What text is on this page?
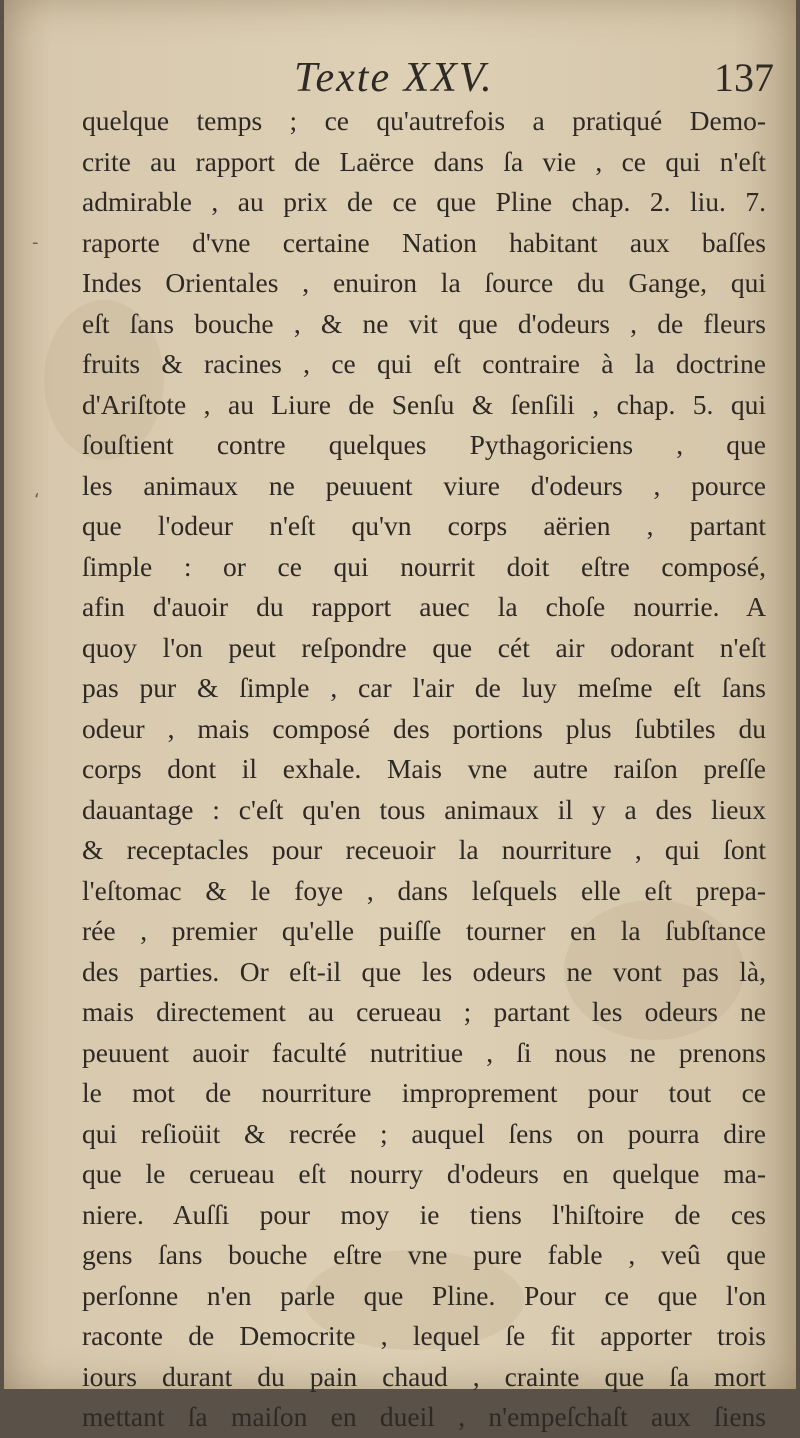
Texte XXV.	137
-
‘
quelque temps ; ce qu'autrefois a pratiqué Demo-
crite au rapport de Laërce dans ſa vie , ce qui n'eſt
admirable , au prix de ce que Pline chap. 2. liu. 7.
raporte d'vne certaine Nation habitant aux baſſes
Indes Orientales , enuiron la ſource du Gange, qui
eſt ſans bouche , & ne vit que d'odeurs , de fleurs
fruits & racines , ce qui eſt contraire à la doctrine
d'Ariſtote , au Liure de Senſu & ſenſili , chap. 5. qui
ſouſtient contre quelques Pythagoriciens , que
les animaux ne peuuent viure d'odeurs , pource
que l'odeur n'eſt qu'vn corps aërien , partant
ſimple : or ce qui nourrit doit eſtre composé,
afin d'auoir du rapport auec la choſe nourrie. A
quoy l'on peut reſpondre que cét air odorant n'eſt
pas pur & ſimple , car l'air de luy meſme eſt ſans
odeur , mais composé des portions plus ſubtiles du
corps dont il exhale. Mais vne autre raiſon preſſe
dauantage : c'eſt qu'en tous animaux il y a des lieux
& receptacles pour receuoir la nourriture , qui ſont
l'eſtomac & le foye , dans leſquels elle eſt prepa-
rée , premier qu'elle puiſſe tourner en la ſubſtance
des parties. Or eſt-il que les odeurs ne vont pas là,
mais directement au cerueau ; partant les odeurs ne
peuuent auoir faculté nutritiue , ſi nous ne prenons
le mot de nourriture improprement pour tout ce
qui reſioüit & recrée ; auquel ſens on pourra dire
que le cerueau eſt nourry d'odeurs en quelque ma-
niere. Auſſi pour moy ie tiens l'hiſtoire de ces
gens ſans bouche eſtre vne pure fable , veû que
perſonne n'en parle que Pline. Pour ce que l'on
raconte de Democrite , lequel ſe fit apporter trois
iours durant du pain chaud , crainte que ſa mort
mettant ſa maiſon en dueil , n'empeſchaſt aux ſiens
